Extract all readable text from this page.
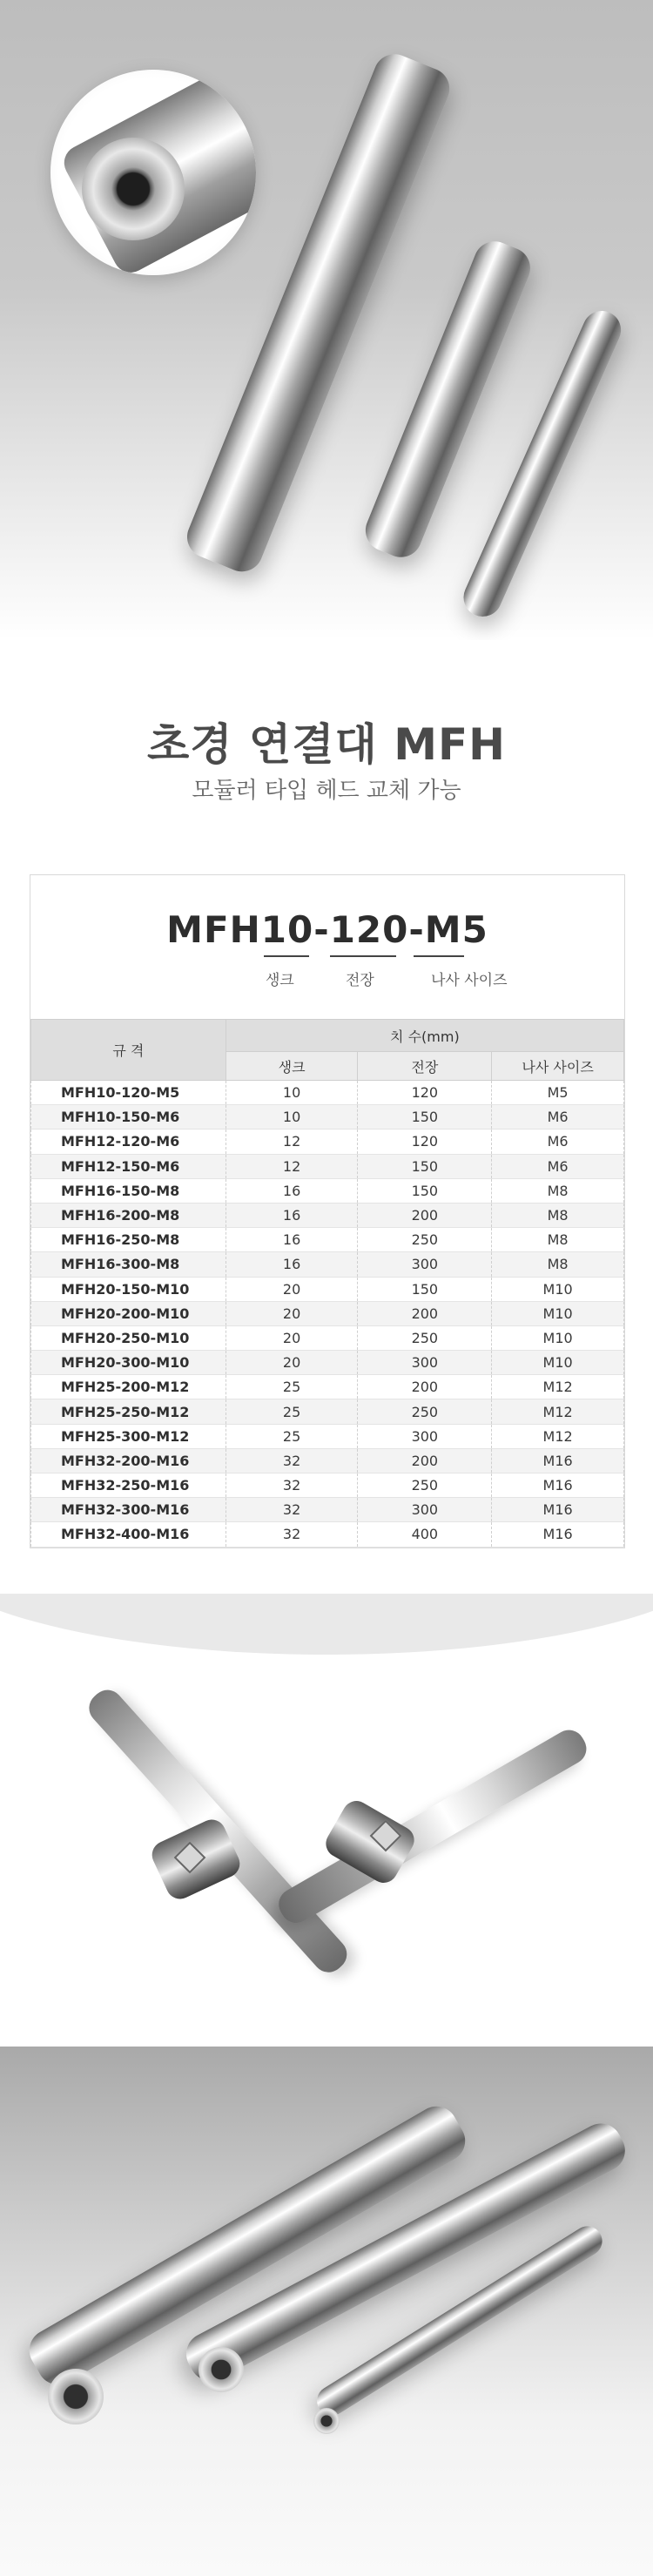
초경 연결대 MFH
모듈러 타입 헤드 교체 가능
MFH10-120-M5
생크	전장	나사 사이즈
규 격	치 수(mm)		
	생크	전장	나사 사이즈
MFH10-120-M5	10	120	M5
MFH10-150-M6	10	150	M6
MFH12-120-M6	12	120	M6
MFH12-150-M6	12	150	M6
MFH16-150-M8	16	150	M8
MFH16-200-M8	16	200	M8
MFH16-250-M8	16	250	M8
MFH16-300-M8	16	300	M8
MFH20-150-M10	20	150	M10
MFH20-200-M10	20	200	M10
MFH20-250-M10	20	250	M10
MFH20-300-M10	20	300	M10
MFH25-200-M12	25	200	M12
MFH25-250-M12	25	250	M12
MFH25-300-M12	25	300	M12
MFH32-200-M16	32	200	M16
MFH32-250-M16	32	250	M16
MFH32-300-M16	32	300	M16
MFH32-400-M16	32	400	M16
